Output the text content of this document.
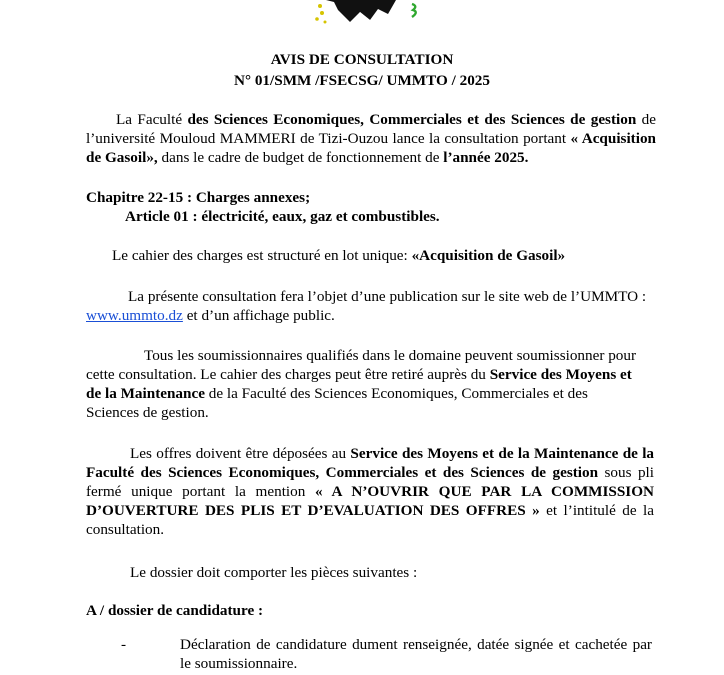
AVIS DE CONSULTATION

N° 01/SMM /FSECSG/ UMMTO / 2025

La Faculté des Sciences Economiques, Commerciales et des Sciences de gestion de l’université Mouloud MAMMERI de Tizi-Ouzou lance la consultation portant « Acquisition de Gasoil», dans le cadre de budget de fonctionnement de l’année 2025.

Chapitre 22-15 : Charges annexes;

Article 01 : électricité, eaux, gaz et combustibles.

Le cahier des charges est structuré en lot unique: «Acquisition de Gasoil»

La présente consultation fera l’objet d’une publication sur le site web de l’UMMTO : www.ummto.dz et d’un affichage public.

Tous les soumissionnaires qualifiés dans le domaine peuvent soumissionner pour cette consultation. Le cahier des charges peut être retiré auprès du Service des Moyens et de la Maintenance de la Faculté des Sciences Economiques, Commerciales et des Sciences de gestion.

Les offres doivent être déposées au Service des Moyens et de la Maintenance de la Faculté des Sciences Economiques, Commerciales et des Sciences de gestion sous pli fermé unique portant la mention « A N’OUVRIR QUE PAR LA COMMISSION D’OUVERTURE DES PLIS ET D’EVALUATION DES OFFRES » et l’intitulé de la consultation.

Le dossier doit comporter les pièces suivantes :

A / dossier de candidature :

-	Déclaration de candidature dument renseignée, datée signée et cachetée par le soumissionnaire.
